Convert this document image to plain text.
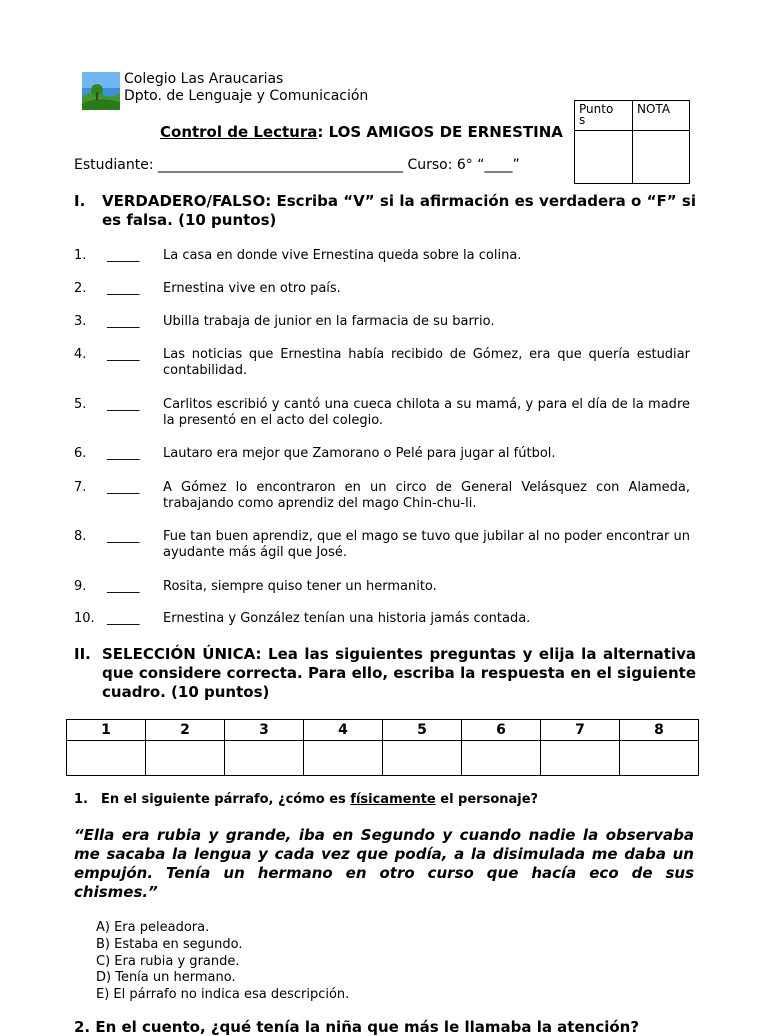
Colegio Las Araucarias
Dpto. de Lenguaje y Comunicación
Puntos	NOTA

Control de Lectura: LOS AMIGOS DE ERNESTINA
Estudiante: ___________________________________ Curso: 6° “____”
I. VERDADERO/FALSO: Escriba “V” si la afirmación es verdadera o “F” si es falsa. (10 puntos)
1. _____ La casa en donde vive Ernestina queda sobre la colina.
2. _____ Ernestina vive en otro país.
3. _____ Ubilla trabaja de junior en la farmacia de su barrio.
4. _____ Las noticias que Ernestina había recibido de Gómez, era que quería estudiar contabilidad.
5. _____ Carlitos escribió y cantó una cueca chilota a su mamá, y para el día de la madre la presentó en el acto del colegio.
6. _____ Lautaro era mejor que Zamorano o Pelé para jugar al fútbol.
7. _____ A Gómez lo encontraron en un circo de General Velásquez con Alameda, trabajando como aprendiz del mago Chin-chu-li.
8. _____ Fue tan buen aprendiz, que el mago se tuvo que jubilar al no poder encontrar un ayudante más ágil que José.
9. _____ Rosita, siempre quiso tener un hermanito.
10. _____ Ernestina y González tenían una historia jamás contada.
II. SELECCIÓN ÚNICA: Lea las siguientes preguntas y elija la alternativa que considere correcta. Para ello, escriba la respuesta en el siguiente cuadro. (10 puntos)
1	2	3	4	5	6	7	8

1. En el siguiente párrafo, ¿cómo es físicamente el personaje?
“Ella era rubia y grande, iba en Segundo y cuando nadie la observaba me sacaba la lengua y cada vez que podía, a la disimulada me daba un empujón. Tenía un hermano en otro curso que hacía eco de sus chismes.”
A) Era peleadora.
B) Estaba en segundo.
C) Era rubia y grande.
D) Tenía un hermano.
E) El párrafo no indica esa descripción.
2. En el cuento, ¿qué tenía la niña que más le llamaba la atención?
